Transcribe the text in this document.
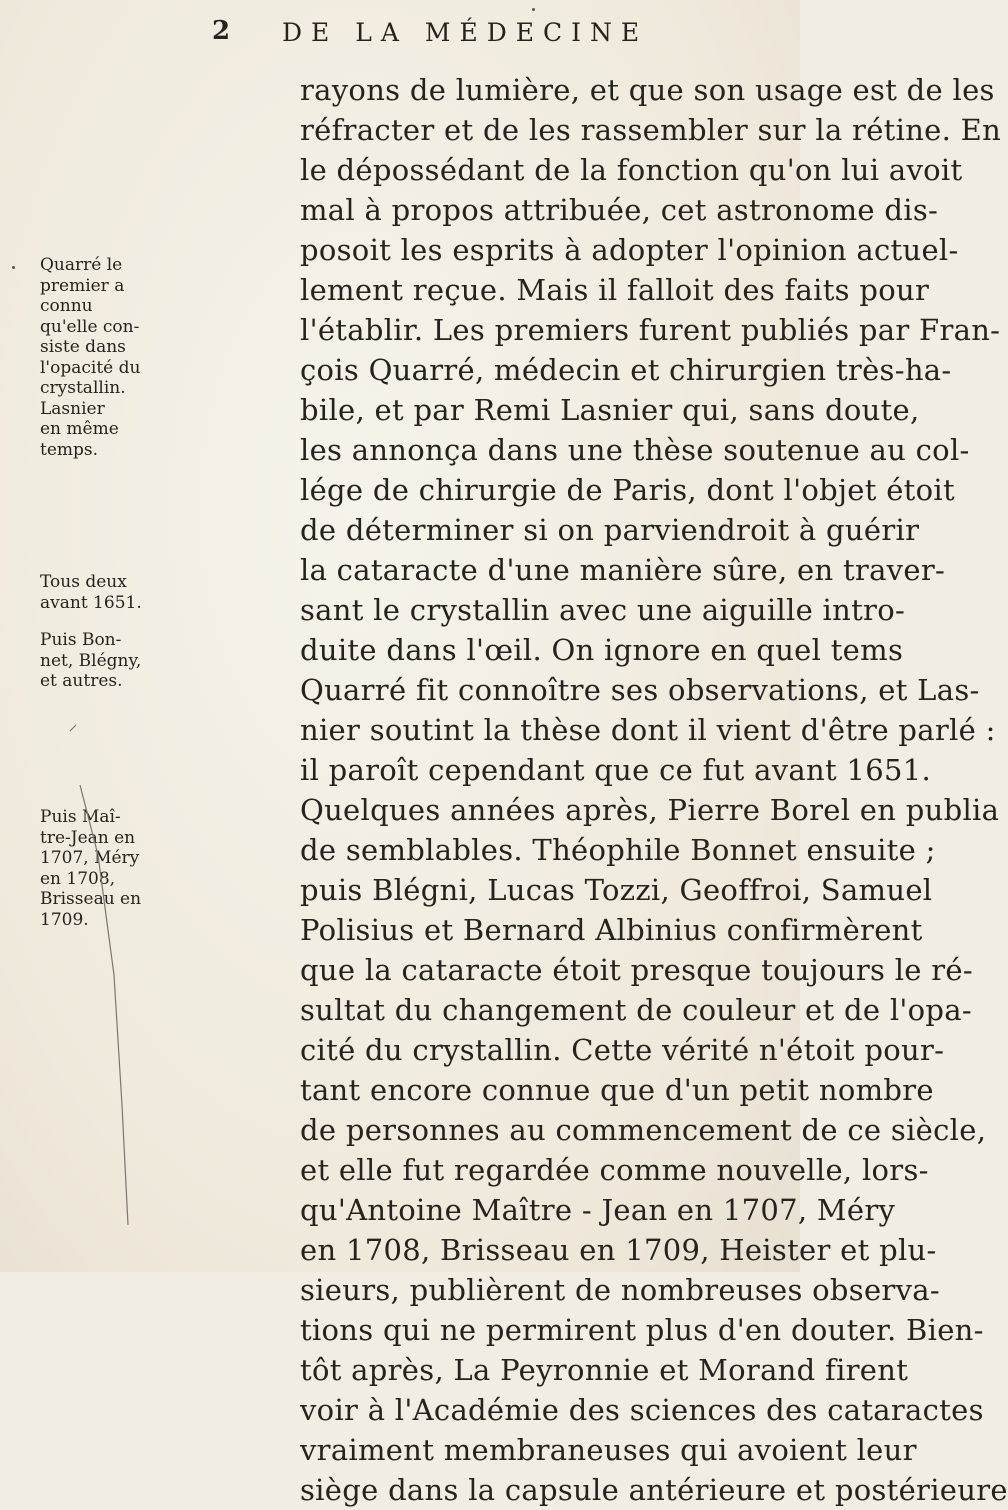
2 DE LA MÉDECINE
rayons de lumière, et que son usage est de les
réfracter et de les rassembler sur la rétine. En
le dépossédant de la fonction qu'on lui avoit
mal à propos attribuée, cet astronome dis-
posoit les esprits à adopter l'opinion actuel-
lement reçue. Mais il falloit des faits pour
l'établir. Les premiers furent publiés par Fran-
çois Quarré, médecin et chirurgien très-ha-
bile, et par Remi Lasnier qui, sans doute,
les annonça dans une thèse soutenue au col-
lége de chirurgie de Paris, dont l'objet étoit
de déterminer si on parviendroit à guérir
la cataracte d'une manière sûre, en traver-
sant le crystallin avec une aiguille intro-
duite dans l'œil. On ignore en quel tems
Quarré fit connoître ses observations, et Las-
nier soutint la thèse dont il vient d'être parlé :
il paroît cependant que ce fut avant 1651.
Quelques années après, Pierre Borel en publia
de semblables. Théophile Bonnet ensuite ;
puis Blégni, Lucas Tozzi, Geoffroi, Samuel
Polisius et Bernard Albinius confirmèrent
que la cataracte étoit presque toujours le ré-
sultat du changement de couleur et de l'opa-
cité du crystallin. Cette vérité n'étoit pour-
tant encore connue que d'un petit nombre
de personnes au commencement de ce siècle,
et elle fut regardée comme nouvelle, lors-
qu'Antoine Maître - Jean en 1707, Méry
en 1708, Brisseau en 1709, Heister et plu-
sieurs, publièrent de nombreuses observa-
tions qui ne permirent plus d'en douter. Bien-
tôt après, La Peyronnie et Morand firent
voir à l'Académie des sciences des cataractes
vraiment membraneuses qui avoient leur
siège dans la capsule antérieure et postérieure
Quarré le
premier a
connu
qu'elle con-
siste dans
l'opacité du
crystallin.
Lasnier
en même
temps.
Tous deux
avant 1651.
Puis Bon-
net, Blégny,
et autres.
Puis Maî-
tre-Jean en
1707, Méry
en 1708,
Brisseau en
1709.
